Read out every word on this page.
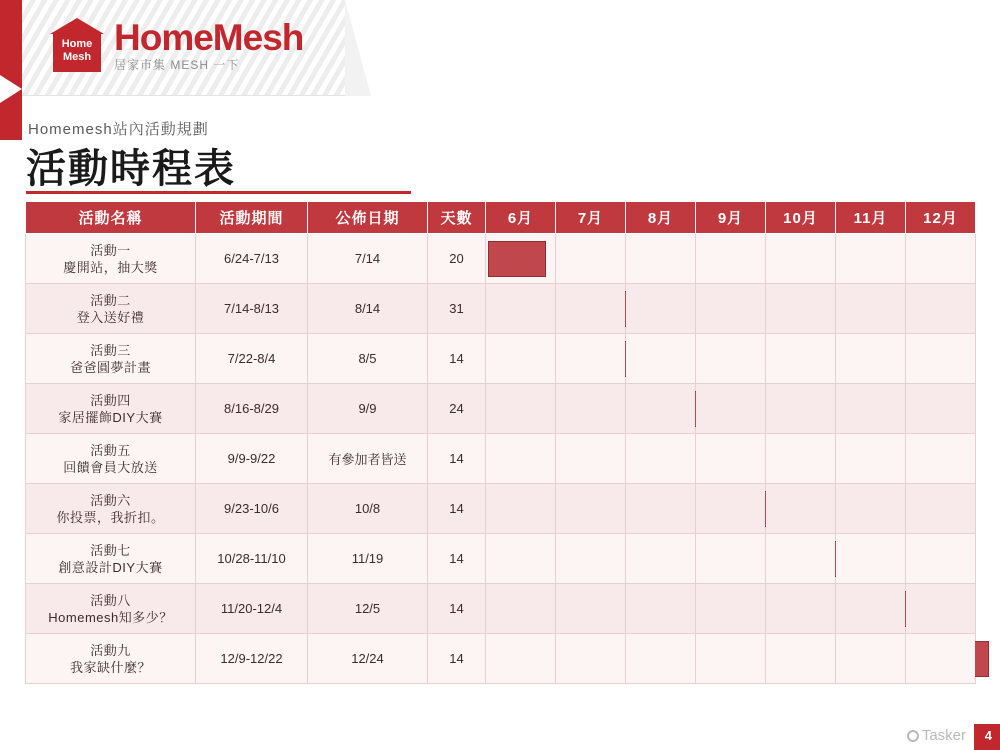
Home
Mesh HomeMesh
居家市集 MESH 一下
Homemesh站內活動規劃
活動時程表
活動名稱	活動期間	公佈日期	天數	6月	7月	8月	9月	10月	11月	12月
活動一
慶開站，抽大獎	6/24-7/13	7/14	20	

活動二
登入送好禮	7/14-8/13	8/14	31	

活動三
爸爸圓夢計畫	7/22-8/4	8/5	14	

活動四
家居擺飾DIY大賽	8/16-8/29	9/9	24	

活動五
回饋會員大放送	9/9-9/22	有參加者皆送	14	

活動六
你投票，我折扣。	9/23-10/6	10/8	14	

活動七
創意設計DIY大賽	10/28-11/10	11/19	14	

活動八
Homemesh知多少？	11/20-12/4	12/5	14	

活動九
我家缺什麼？	12/9-12/22	12/24	14	

Tasker 4
